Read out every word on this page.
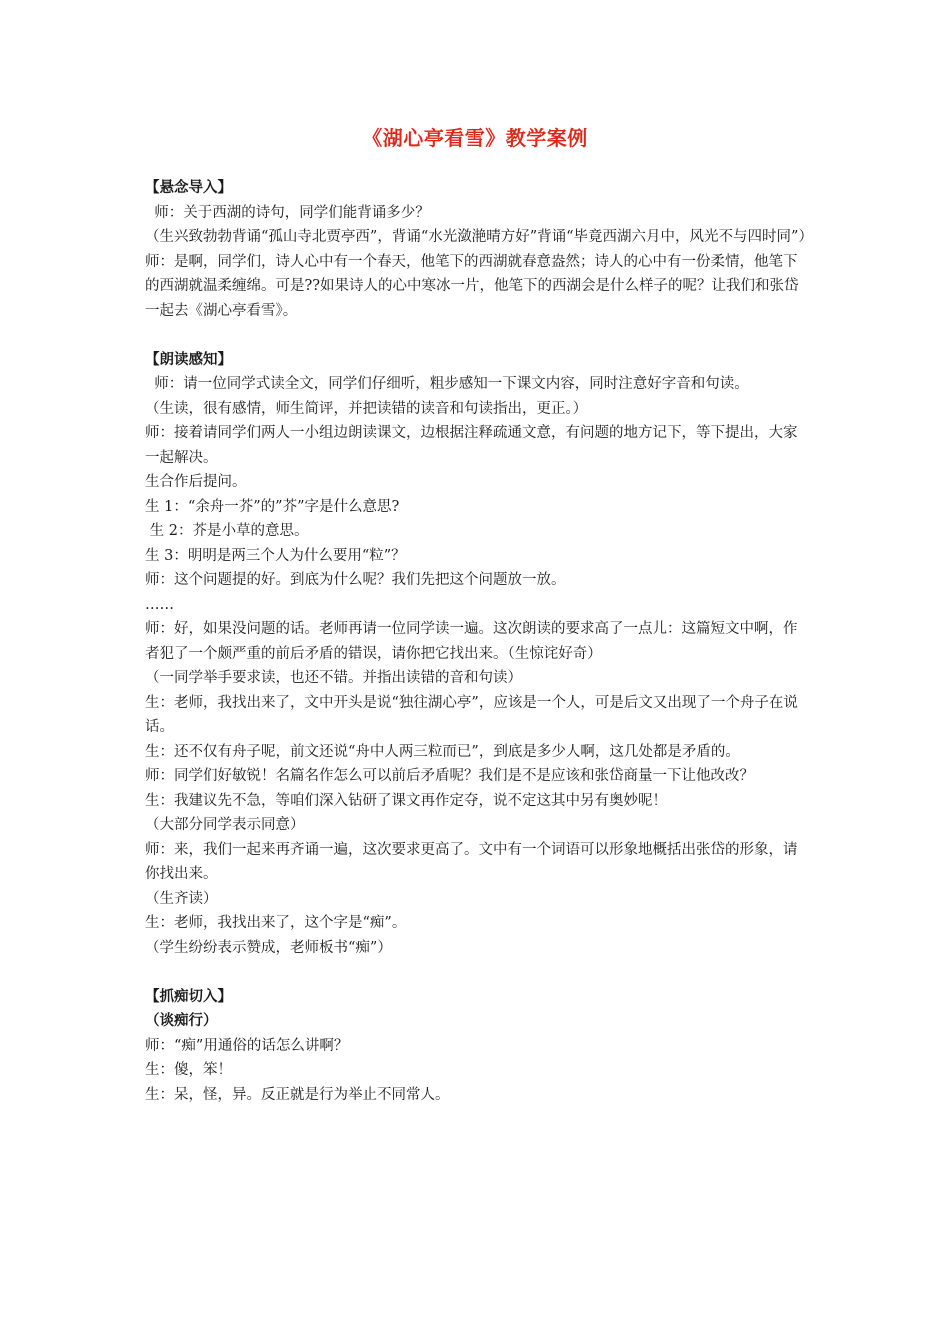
《湖心亭看雪》教学案例
【悬念导入】
师：关于西湖的诗句，同学们能背诵多少？
（生兴致勃勃背诵“孤山寺北贾亭西”，背诵“水光潋滟晴方好”背诵“毕竟西湖六月中，风光不与四时同”）
师：是啊，同学们，诗人心中有一个春天，他笔下的西湖就春意盎然；诗人的心中有一份柔情，他笔下的西湖就温柔缠绵。可是??如果诗人的心中寒冰一片，他笔下的西湖会是什么样子的呢？让我们和张岱一起去《湖心亭看雪》。
【朗读感知】
师：请一位同学式读全文，同学们仔细听，粗步感知一下课文内容，同时注意好字音和句读。
（生读，很有感情，师生简评，并把读错的读音和句读指出，更正。）
师：接着请同学们两人一小组边朗读课文，边根据注释疏通文意，有问题的地方记下，等下提出，大家一起解决。
生合作后提问。
生 1：“余舟一芥”的”芥”字是什么意思?
生 2：芥是小草的意思。
生 3：明明是两三个人为什么要用“粒”？
师：这个问题提的好。到底为什么呢？我们先把这个问题放一放。
……
师：好，如果没问题的话。老师再请一位同学读一遍。这次朗读的要求高了一点儿：这篇短文中啊，作者犯了一个颇严重的前后矛盾的错误，请你把它找出来。（生惊诧好奇）
（一同学举手要求读，也还不错。并指出读错的音和句读）
生：老师，我找出来了，文中开头是说“独往湖心亭”，应该是一个人，可是后文又出现了一个舟子在说话。
生：还不仅有舟子呢，前文还说“舟中人两三粒而已”，到底是多少人啊，这几处都是矛盾的。
师：同学们好敏锐！名篇名作怎么可以前后矛盾呢？我们是不是应该和张岱商量一下让他改改？
生：我建议先不急，等咱们深入钻研了课文再作定夺，说不定这其中另有奥妙呢！
（大部分同学表示同意）
师：来，我们一起来再齐诵一遍，这次要求更高了。文中有一个词语可以形象地概括出张岱的形象，请你找出来。
（生齐读）
生：老师，我找出来了，这个字是“痴”。
（学生纷纷表示赞成，老师板书“痴”）
【抓痴切入】
（谈痴行）
师：“痴”用通俗的话怎么讲啊？
生：傻，笨！
生：呆，怪，异。反正就是行为举止不同常人。
